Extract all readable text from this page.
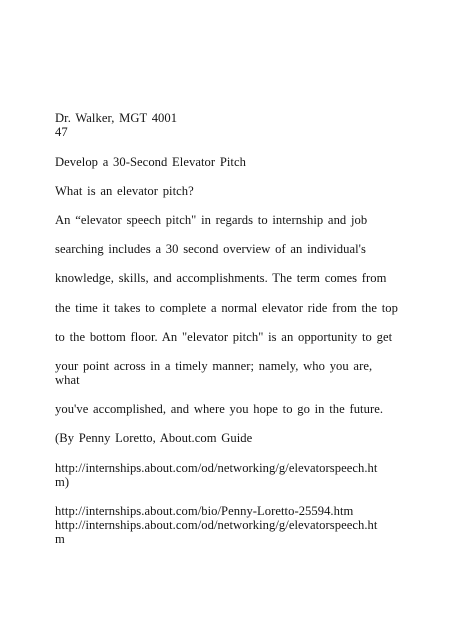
Dr. Walker, MGT 4001
47
Develop a 30-Second Elevator Pitch
What is an elevator pitch?
An “elevator speech pitch" in regards to internship and job
searching includes a 30 second overview of an individual's
knowledge, skills, and accomplishments. The term comes from
the time it takes to complete a normal elevator ride from the top
to the bottom floor. An "elevator pitch" is an opportunity to get
your point across in a timely manner; namely, who you are,
what
you've accomplished, and where you hope to go in the future.
(By Penny Loretto, About.com Guide
http://internships.about.com/od/networking/g/elevatorspeech.ht
m)
http://internships.about.com/bio/Penny-Loretto-25594.htm
http://internships.about.com/od/networking/g/elevatorspeech.ht
m
